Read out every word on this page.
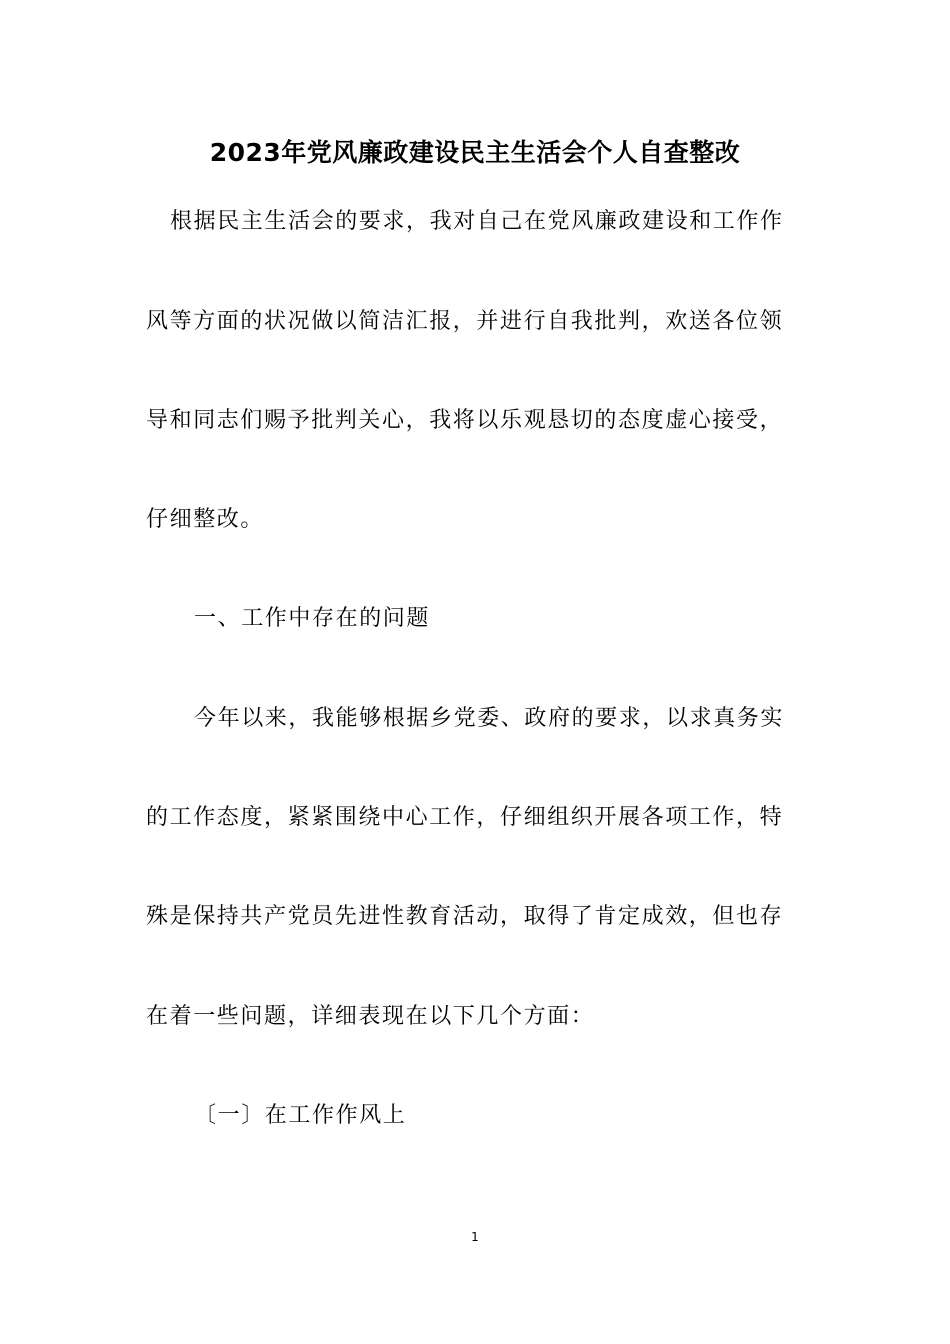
2023年党风廉政建设民主生活会个人自查整改

根据民主生活会的要求，我对自己在党风廉政建设和工作作

风等方面的状况做以简洁汇报，并进行自我批判，欢送各位领

导和同志们赐予批判关心，我将以乐观恳切的态度虚心接受，

仔细整改。

一、工作中存在的问题

今年以来，我能够根据乡党委、政府的要求，以求真务实

的工作态度，紧紧围绕中心工作，仔细组织开展各项工作，特

殊是保持共产党员先进性教育活动，取得了肯定成效，但也存

在着一些问题，详细表现在以下几个方面：

〔一〕在工作作风上

1
